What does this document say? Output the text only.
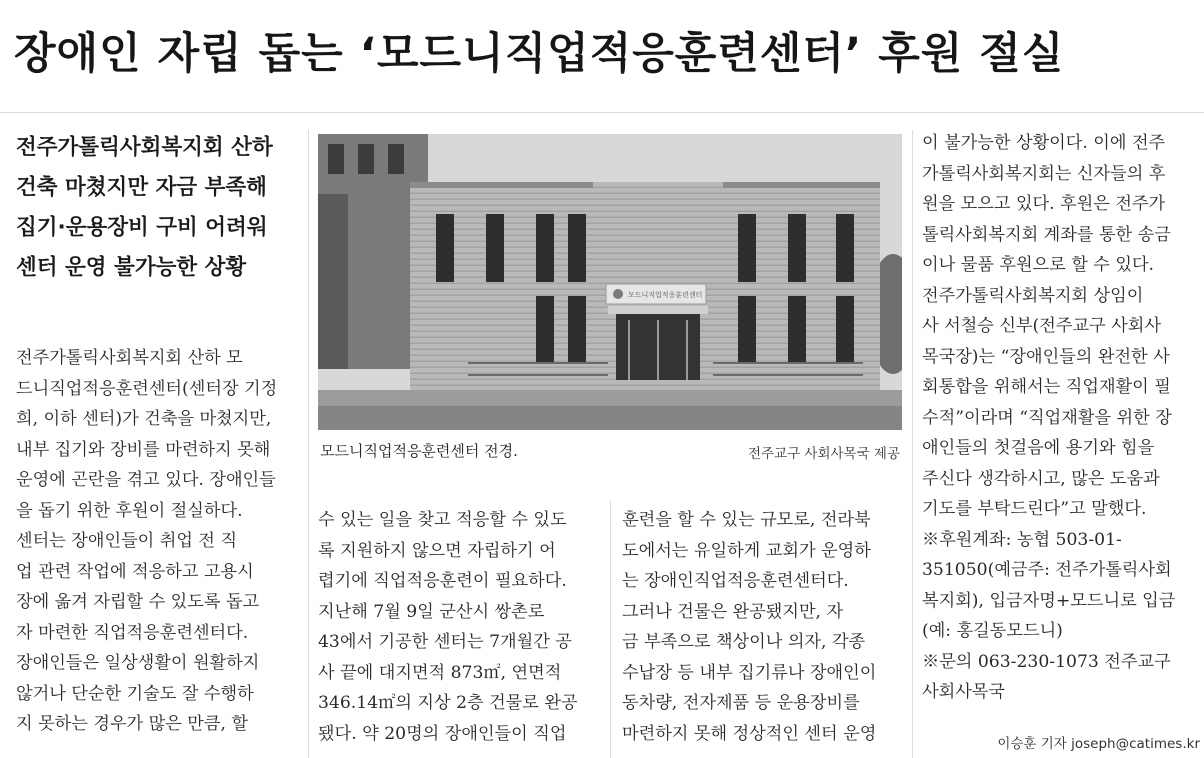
장애인 자립 돕는 ‘모드니직업적응훈련센터’ 후원 절실
전주가톨릭사회복지회 산하
건축 마쳤지만 자금 부족해
집기·운용장비 구비 어려워
센터 운영 불가능한 상황
전주가톨릭사회복지회 산하 모
드니직업적응훈련센터(센터장 기정
희, 이하 센터)가 건축을 마쳤지만,
내부 집기와 장비를 마련하지 못해
운영에 곤란을 겪고 있다. 장애인들
을 돕기 위한 후원이 절실하다.
센터는 장애인들이 취업 전 직
업 관련 작업에 적응하고 고용시
장에 옮겨 자립할 수 있도록 돕고
자 마련한 직업적응훈련센터다.
장애인들은 일상생활이 원활하지
않거나 단순한 기술도 잘 수행하
지 못하는 경우가 많은 만큼, 할
모드니직업적응훈련센터
모드니직업적응훈련센터 전경.	전주교구 사회사목국 제공
수 있는 일을 찾고 적응할 수 있도
록 지원하지 않으면 자립하기 어
렵기에 직업적응훈련이 필요하다.
지난해 7월 9일 군산시 쌍촌로
43에서 기공한 센터는 7개월간 공
사 끝에 대지면적 873㎡, 연면적
346.14㎡의 지상 2층 건물로 완공
됐다. 약 20명의 장애인들이 직업
훈련을 할 수 있는 규모로, 전라북
도에서는 유일하게 교회가 운영하
는 장애인직업적응훈련센터다.
그러나 건물은 완공됐지만, 자
금 부족으로 책상이나 의자, 각종
수납장 등 내부 집기류나 장애인이
동차량, 전자제품 등 운용장비를
마련하지 못해 정상적인 센터 운영
이 불가능한 상황이다. 이에 전주
가톨릭사회복지회는 신자들의 후
원을 모으고 있다. 후원은 전주가
톨릭사회복지회 계좌를 통한 송금
이나 물품 후원으로 할 수 있다.
전주가톨릭사회복지회 상임이
사 서철승 신부(전주교구 사회사
목국장)는 “장애인들의 완전한 사
회통합을 위해서는 직업재활이 필
수적”이라며 “직업재활을 위한 장
애인들의 첫걸음에 용기와 힘을
주신다 생각하시고, 많은 도움과
기도를 부탁드린다”고 말했다.
※후원계좌: 농협 503-01-
351050(예금주: 전주가톨릭사회
복지회), 입금자명+모드니로 입금
(예: 홍길동모드니)
※문의 063-230-1073 전주교구
사회사목국
이승훈 기자 joseph@catimes.kr
